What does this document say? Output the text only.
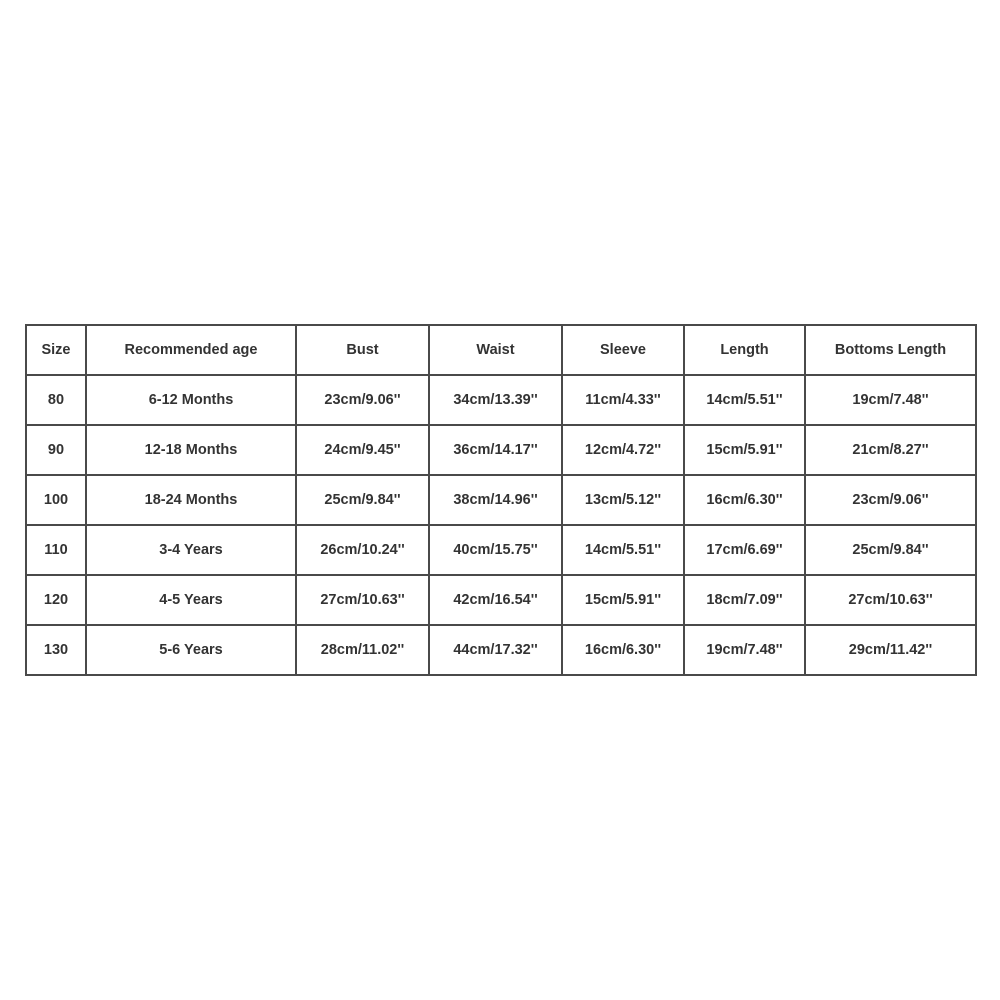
Size	Recommended age	Bust	Waist	Sleeve	Length	Bottoms Length
80	6-12 Months	23cm/9.06''	34cm/13.39''	11cm/4.33''	14cm/5.51''	19cm/7.48''
90	12-18 Months	24cm/9.45''	36cm/14.17''	12cm/4.72''	15cm/5.91''	21cm/8.27''
100	18-24 Months	25cm/9.84''	38cm/14.96''	13cm/5.12''	16cm/6.30''	23cm/9.06''
110	3-4 Years	26cm/10.24''	40cm/15.75''	14cm/5.51''	17cm/6.69''	25cm/9.84''
120	4-5 Years	27cm/10.63''	42cm/16.54''	15cm/5.91''	18cm/7.09''	27cm/10.63''
130	5-6 Years	28cm/11.02''	44cm/17.32''	16cm/6.30''	19cm/7.48''	29cm/11.42''
